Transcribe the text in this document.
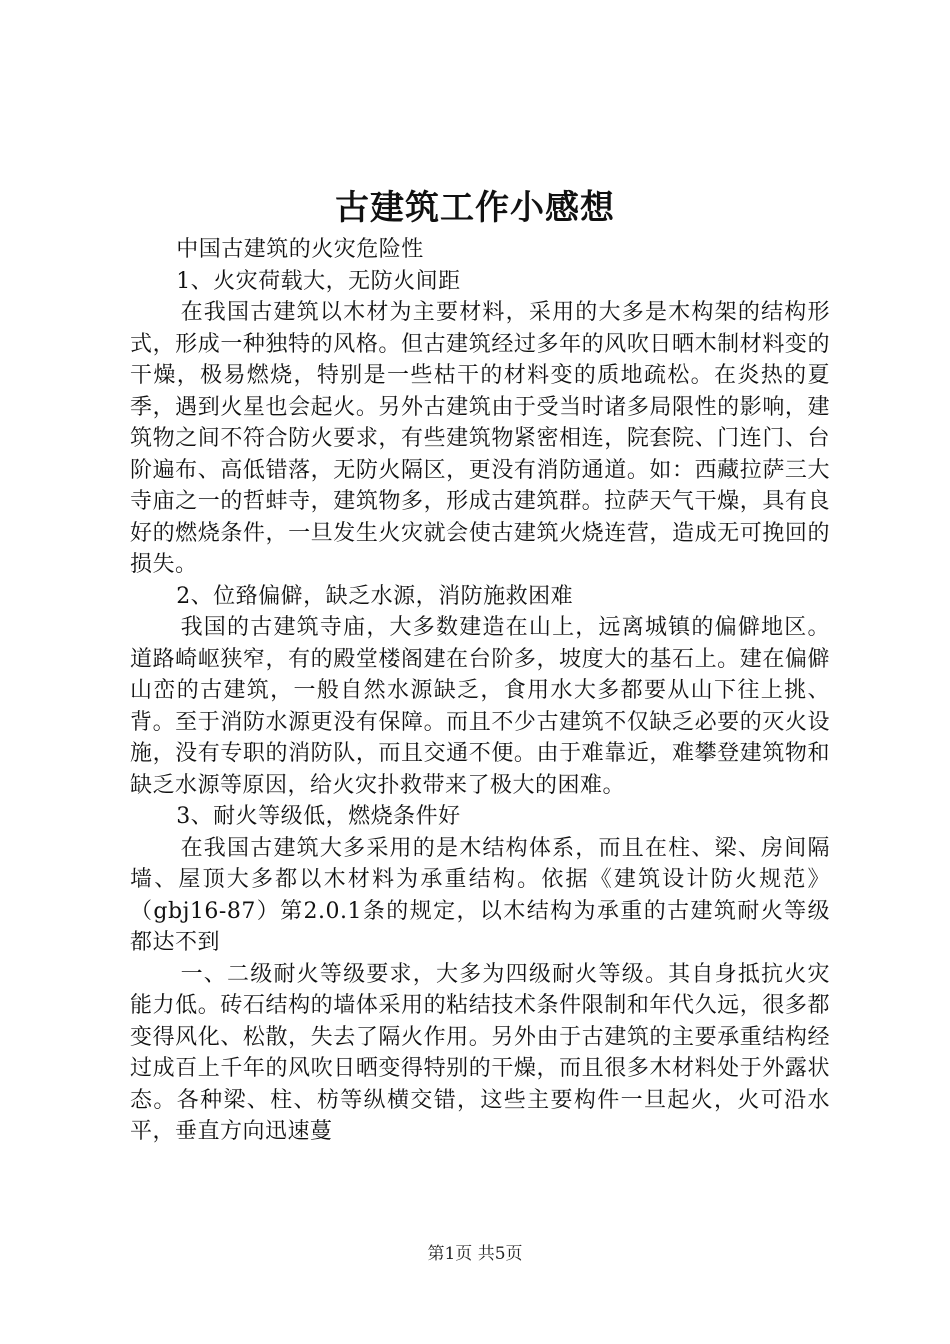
古建筑工作小感想

中国古建筑的火灾危险性

1、火灾荷载大，无防火间距

在我国古建筑以木材为主要材料，采用的大多是木构架的结构形式，形成一种独特的风格。但古建筑经过多年的风吹日晒木制材料变的干燥，极易燃烧，特别是一些枯干的材料变的质地疏松。在炎热的夏季，遇到火星也会起火。另外古建筑由于受当时诸多局限性的影响，建筑物之间不符合防火要求，有些建筑物紧密相连，院套院、门连门、台阶遍布、高低错落，无防火隔区，更没有消防通道。如：西藏拉萨三大寺庙之一的哲蚌寺，建筑物多，形成古建筑群。拉萨天气干燥，具有良好的燃烧条件，一旦发生火灾就会使古建筑火烧连营，造成无可挽回的损失。

2、位臵偏僻，缺乏水源，消防施救困难

我国的古建筑寺庙，大多数建造在山上，远离城镇的偏僻地区。道路崎岖狭窄，有的殿堂楼阁建在台阶多，坡度大的基石上。建在偏僻山峦的古建筑，一般自然水源缺乏，食用水大多都要从山下往上挑、背。至于消防水源更没有保障。而且不少古建筑不仅缺乏必要的灭火设施，没有专职的消防队，而且交通不便。由于难靠近，难攀登建筑物和缺乏水源等原因，给火灾扑救带来了极大的困难。

3、耐火等级低，燃烧条件好

在我国古建筑大多采用的是木结构体系，而且在柱、梁、房间隔墙、屋顶大多都以木材料为承重结构。依据《建筑设计防火规范》（gbj16-87）第2.0.1条的规定，以木结构为承重的古建筑耐火等级都达不到

一、二级耐火等级要求，大多为四级耐火等级。其自身抵抗火灾能力低。砖石结构的墙体采用的粘结技术条件限制和年代久远，很多都变得风化、松散，失去了隔火作用。另外由于古建筑的主要承重结构经过成百上千年的风吹日晒变得特别的干燥，而且很多木材料处于外露状态。各种梁、柱、枋等纵横交错，这些主要构件一旦起火，火可沿水平，垂直方向迅速蔓

第1页 共5页
